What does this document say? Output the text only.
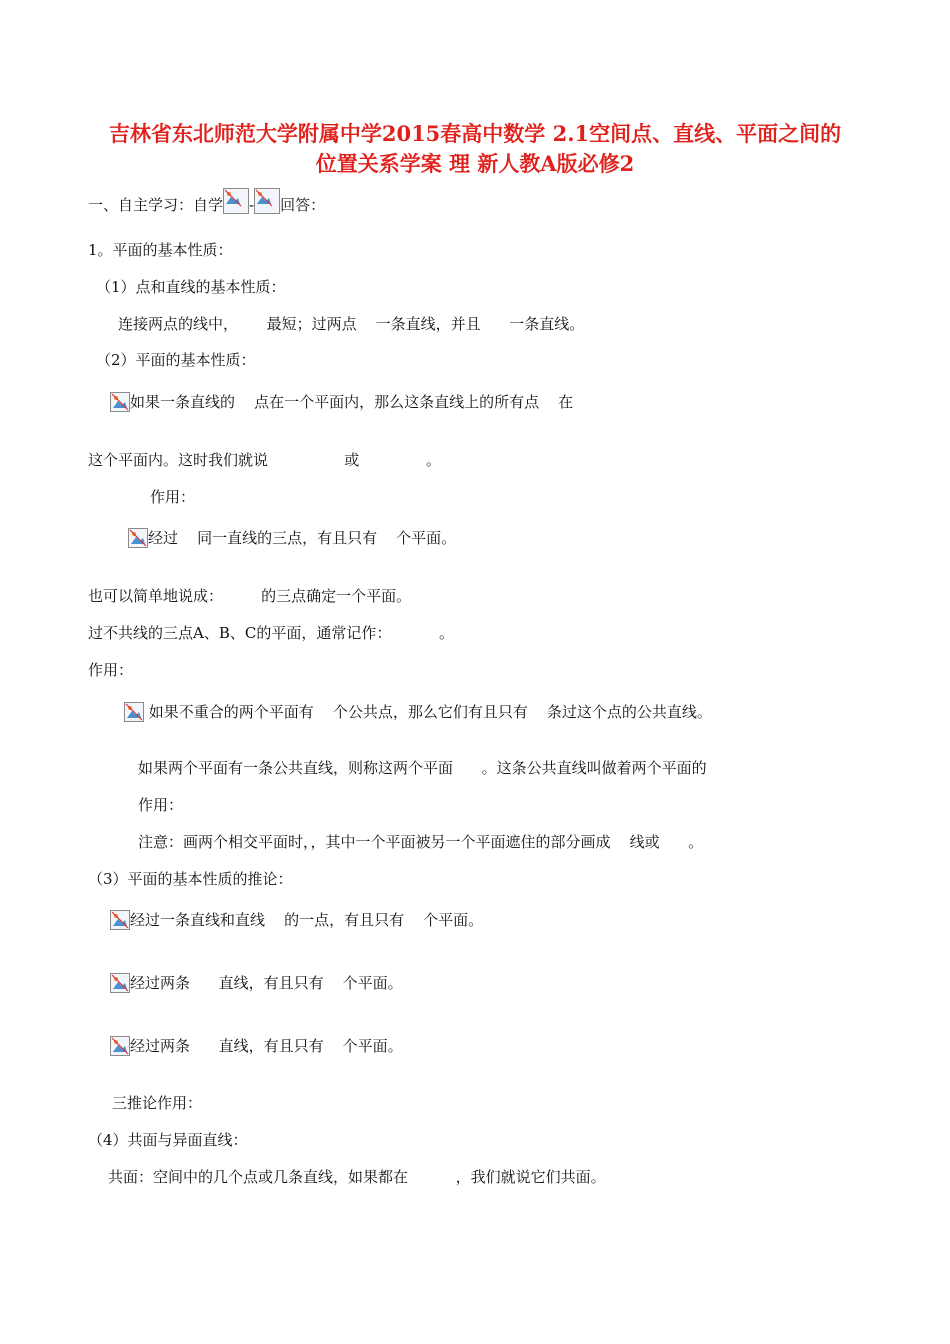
吉林省东北师范大学附属中学2015春高中数学 2.1空间点、直线、平面之间的
位置关系学案 理 新人教A版必修2
一、自主学习：自学 - 回答：
1。平面的基本性质：
（1）点和直线的基本性质：
连接两点的线中，      最短；过两点    一条直线，并且      一条直线。
（2）平面的基本性质：
如果一条直线的    点在一个平面内，那么这条直线上的所有点    在
这个平面内。这时我们就说                或              。
作用：
经过    同一直线的三点，有且只有    个平面。
也可以简单地说成：        的三点确定一个平面。
过不共线的三点A、B、C的平面，通常记作：          。
作用：
如果不重合的两个平面有    个公共点，那么它们有且只有    条过这个点的公共直线。
如果两个平面有一条公共直线，则称这两个平面      。这条公共直线叫做着两个平面的
作用：
注意：画两个相交平面时，，其中一个平面被另一个平面遮住的部分画成    线或      。
（3）平面的基本性质的推论：
经过一条直线和直线    的一点，有且只有    个平面。
经过两条      直线，有且只有    个平面。
经过两条      直线，有且只有    个平面。
三推论作用：
（4）共面与异面直线：
共面：空间中的几个点或几条直线，如果都在          ，我们就说它们共面。
